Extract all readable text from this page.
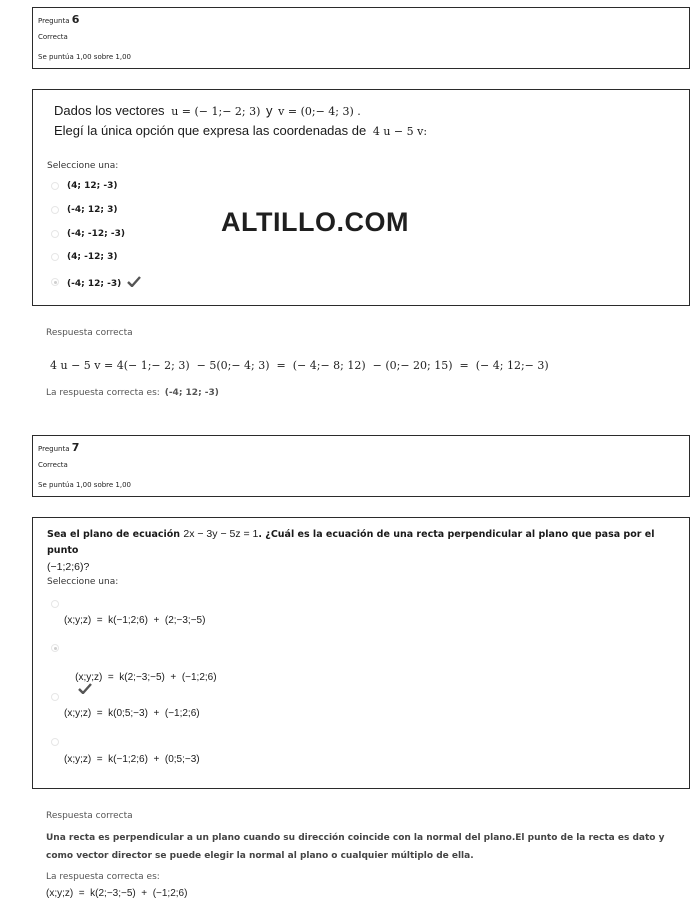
Pregunta 6
Correcta
Se puntúa 1,00 sobre 1,00
Dados los vectores u = (− 1;− 2; 3) y v = (0;− 4; 3) .
Elegí la única opción que expresa las coordenadas de 4 u − 5 v:
Seleccione una:
(4; 12; -3)
(-4; 12; 3)
(-4; -12; -3)
(4; -12; 3)
(-4; 12; -3)
ALTILLO.COM
Respuesta correcta
4 u − 5 v = 4(− 1;− 2; 3)  − 5(0;− 4; 3)  =  (− 4;− 8; 12)  − (0;− 20; 15)  =  (− 4; 12;− 3)
La respuesta correcta es: (-4; 12; -3)
Pregunta 7
Correcta
Se puntúa 1,00 sobre 1,00
Sea el plano de ecuación 2x − 3y − 5z = 1. ¿Cuál es la ecuación de una recta perpendicular al plano que pasa por el punto
(−1;2;6)?
Seleccione una:
(x;y;z)  =  k(−1;2;6)  +  (2;−3;−5)

(x;y;z)  =  k(2;−3;−5)  +  (−1;2;6)

(x;y;z)  =  k(0;5;−3)  +  (−1;2;6)
(x;y;z)  =  k(−1;2;6)  +  (0;5;−3)
Respuesta correcta
Una recta es perpendicular a un plano cuando su dirección coincide con la normal del plano.El punto de la recta es dato y
como vector director se puede elegir la normal al plano o cualquier múltiplo de ella.
La respuesta correcta es:
(x;y;z)  =  k(2;−3;−5)  +  (−1;2;6)
